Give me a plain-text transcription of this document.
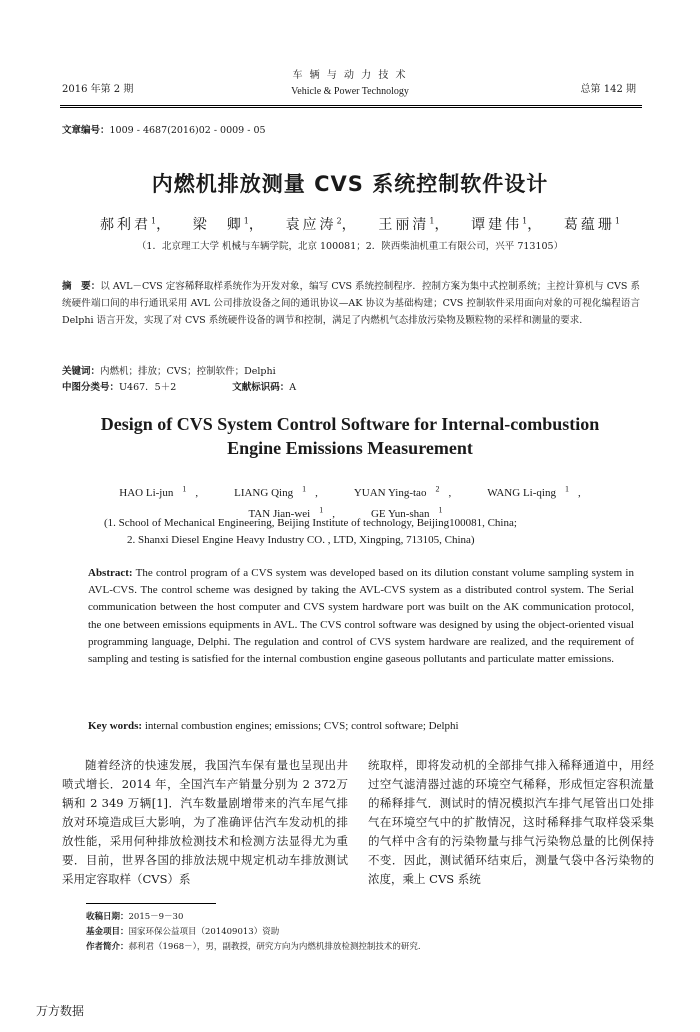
2016 年第 2 期
车 辆 与 动 力 技 术
Vehicle & Power Technology	总第 142 期
文章编号：1009 - 4687(2016)02 - 0009 - 05
内燃机排放测量 CVS 系统控制软件设计
郝利君$^1$， 梁　卿$^1$， 袁应涛$^2$， 王丽清$^1$， 谭建伟$^1$， 葛蕴珊$^1$
（1．北京理工大学 机械与车辆学院，北京 100081；2．陕西柴油机重工有限公司，兴平 713105）
摘　要：以 AVL－CVS 定容稀释取样系统作为开发对象，编写 CVS 系统控制程序．控制方案为集中式控制系统；主控计算机与 CVS 系统硬件端口间的串行通讯采用 AVL 公司排放设备之间的通讯协议—AK 协议为基础构建；CVS 控制软件采用面向对象的可视化编程语言 Delphi 语言开发，实现了对 CVS 系统硬件设备的调节和控制，满足了内燃机气态排放污染物及颗粒物的采样和测量的要求.
关键词：内燃机；排放；CVS；控制软件；Delphi
中图分类号：U467．5＋2	文献标识码：A
Design of CVS System Control Software for Internal-combustion
Engine Emissions Measurement
HAO Li-jun $^1$ ,	LIANG Qing $^1$ ,	YUAN Ying-tao $^2$ ,	WANG Li-qing $^1$ ,
TAN Jian-wei $^1$ ,	GE Yun-shan $^1$
(1. School of Mechanical Engineering, Beijing Institute of technology, Beijing100081, China;
2. Shanxi Diesel Engine Heavy Industry CO. , LTD, Xingping, 713105, China)
Abstract: The control program of a CVS system was developed based on its dilution constant volume sampling system in AVL-CVS. The control scheme was designed by taking the AVL-CVS system as a distributed control system. The Serial communication between the host computer and CVS system hardware port was built on the AK communication protocol, the one between emissions equipments in AVL. The CVS control software was designed by using the object-oriented visual programming language, Delphi. The regulation and control of CVS system hardware are realized, and the requirement of sampling and testing is satisfied for the internal combustion engine gaseous pollutants and particulate matter emissions.
Key words: internal combustion engines; emissions; CVS; control software; Delphi
随着经济的快速发展，我国汽车保有量也呈现出井喷式增长．2014 年，全国汽车产销量分别为 2 372万辆和 2 349 万辆[1]．汽车数量剧增带来的汽车尾气排放对环境造成巨大影响，为了准确评估汽车发动机的排放性能，采用何种排放检测技术和检测方法显得尤为重要．目前，世界各国的排放法规中规定机动车排放测试采用定容取样（CVS）系
统取样，即将发动机的全部排气排入稀释通道中，用经过空气滤清器过滤的环境空气稀释，形成恒定容积流量的稀释排气．测试时的情况模拟汽车排气尾管出口处排气在环境空气中的扩散情况，这时稀释排气取样袋采集的气样中含有的污染物量与排气污染物总量的比例保持不变．因此，测试循环结束后，测量气袋中各污染物的浓度，乘上 CVS 系统
收稿日期：2015－9－30
基金项目：国家环保公益项目（201409013）资助
作者简介：郝利君（1968－），男，副教授，研究方向为内燃机排放检测控制技术的研究.
万方数据
